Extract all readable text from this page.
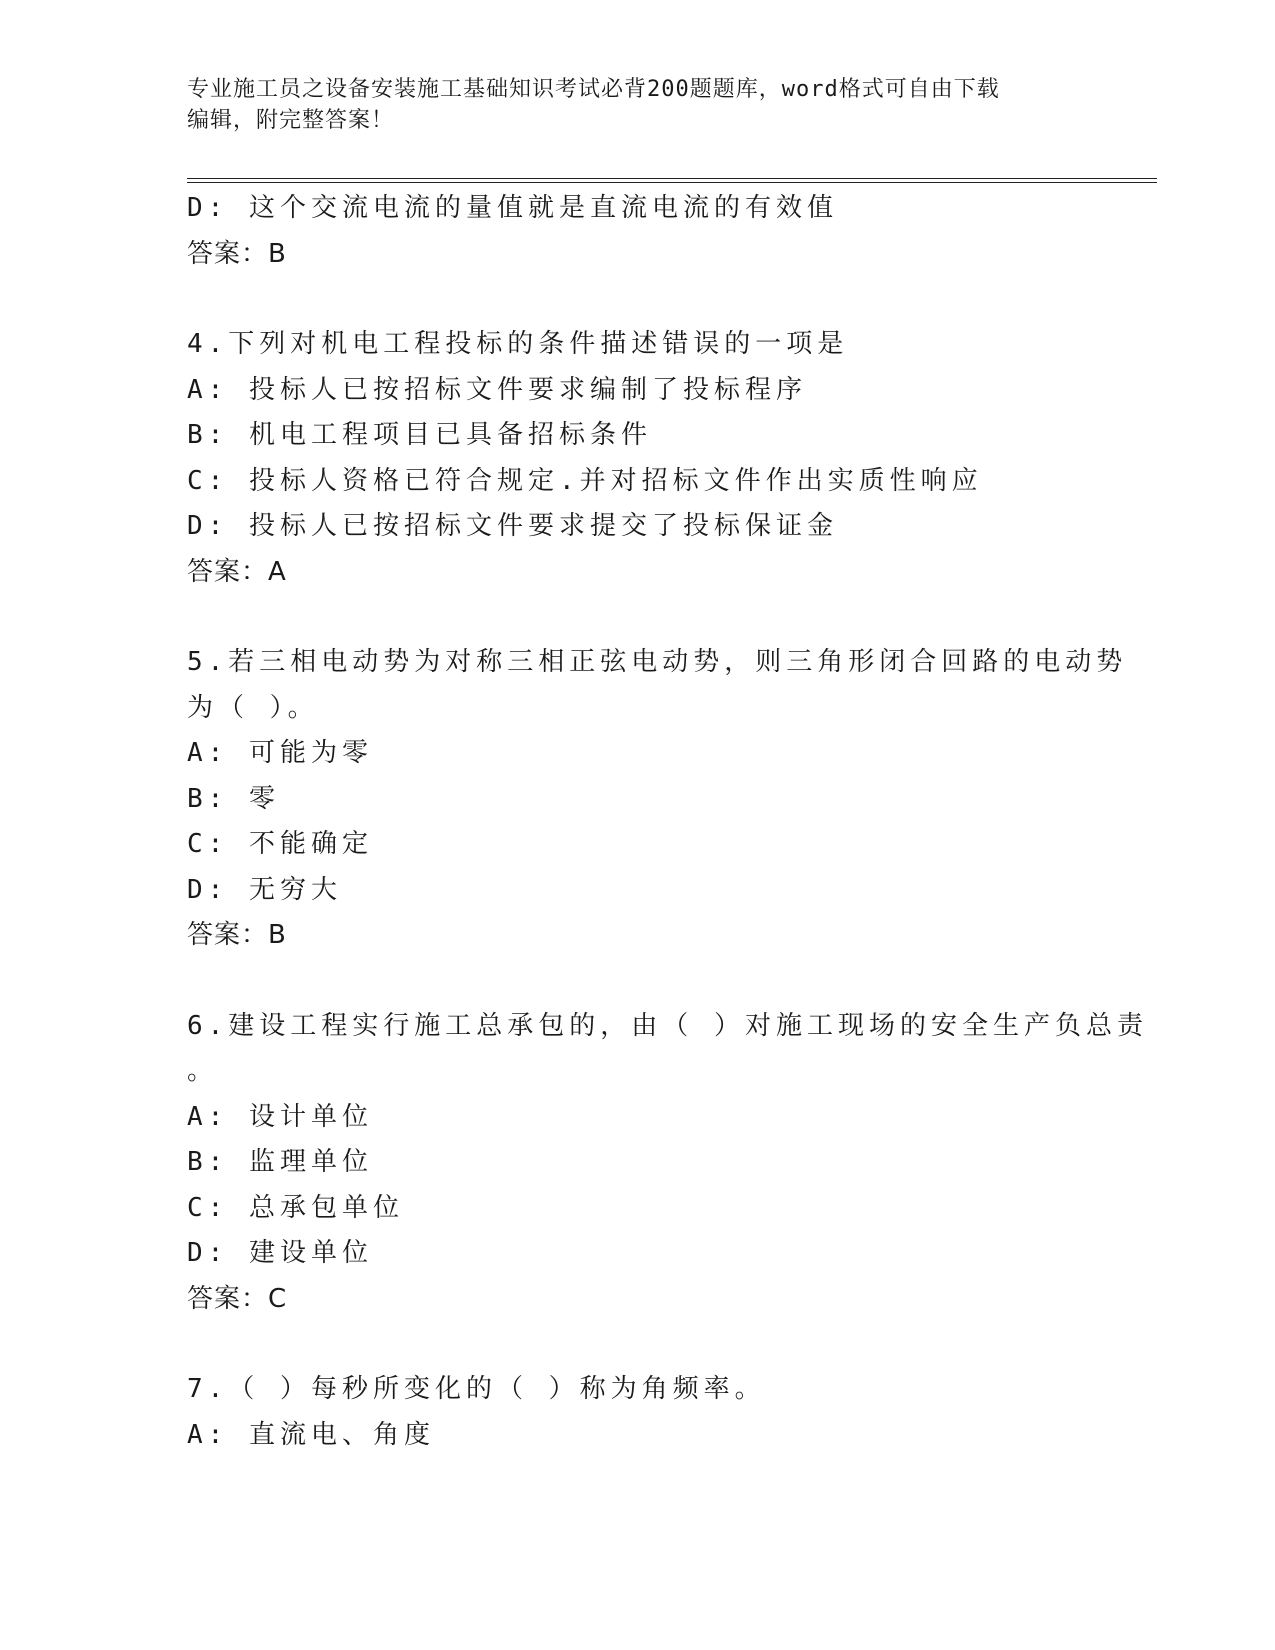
专业施工员之设备安装施工基础知识考试必背200题题库，word格式可自由下载
编辑，附完整答案！
D: 这个交流电流的量值就是直流电流的有效值
答案：B
4.下列对机电工程投标的条件描述错误的一项是
A: 投标人已按招标文件要求编制了投标程序
B: 机电工程项目已具备招标条件
C: 投标人资格已符合规定.并对招标文件作出实质性响应
D: 投标人已按招标文件要求提交了投标保证金
答案：A
5.若三相电动势为对称三相正弦电动势，则三角形闭合回路的电动势
为（ ）。
A: 可能为零
B: 零
C: 不能确定
D: 无穷大
答案：B
6.建设工程实行施工总承包的，由（ ）对施工现场的安全生产负总责
。
A: 设计单位
B: 监理单位
C: 总承包单位
D: 建设单位
答案：C
7.（ ）每秒所变化的（ ）称为角频率。
A: 直流电、角度
